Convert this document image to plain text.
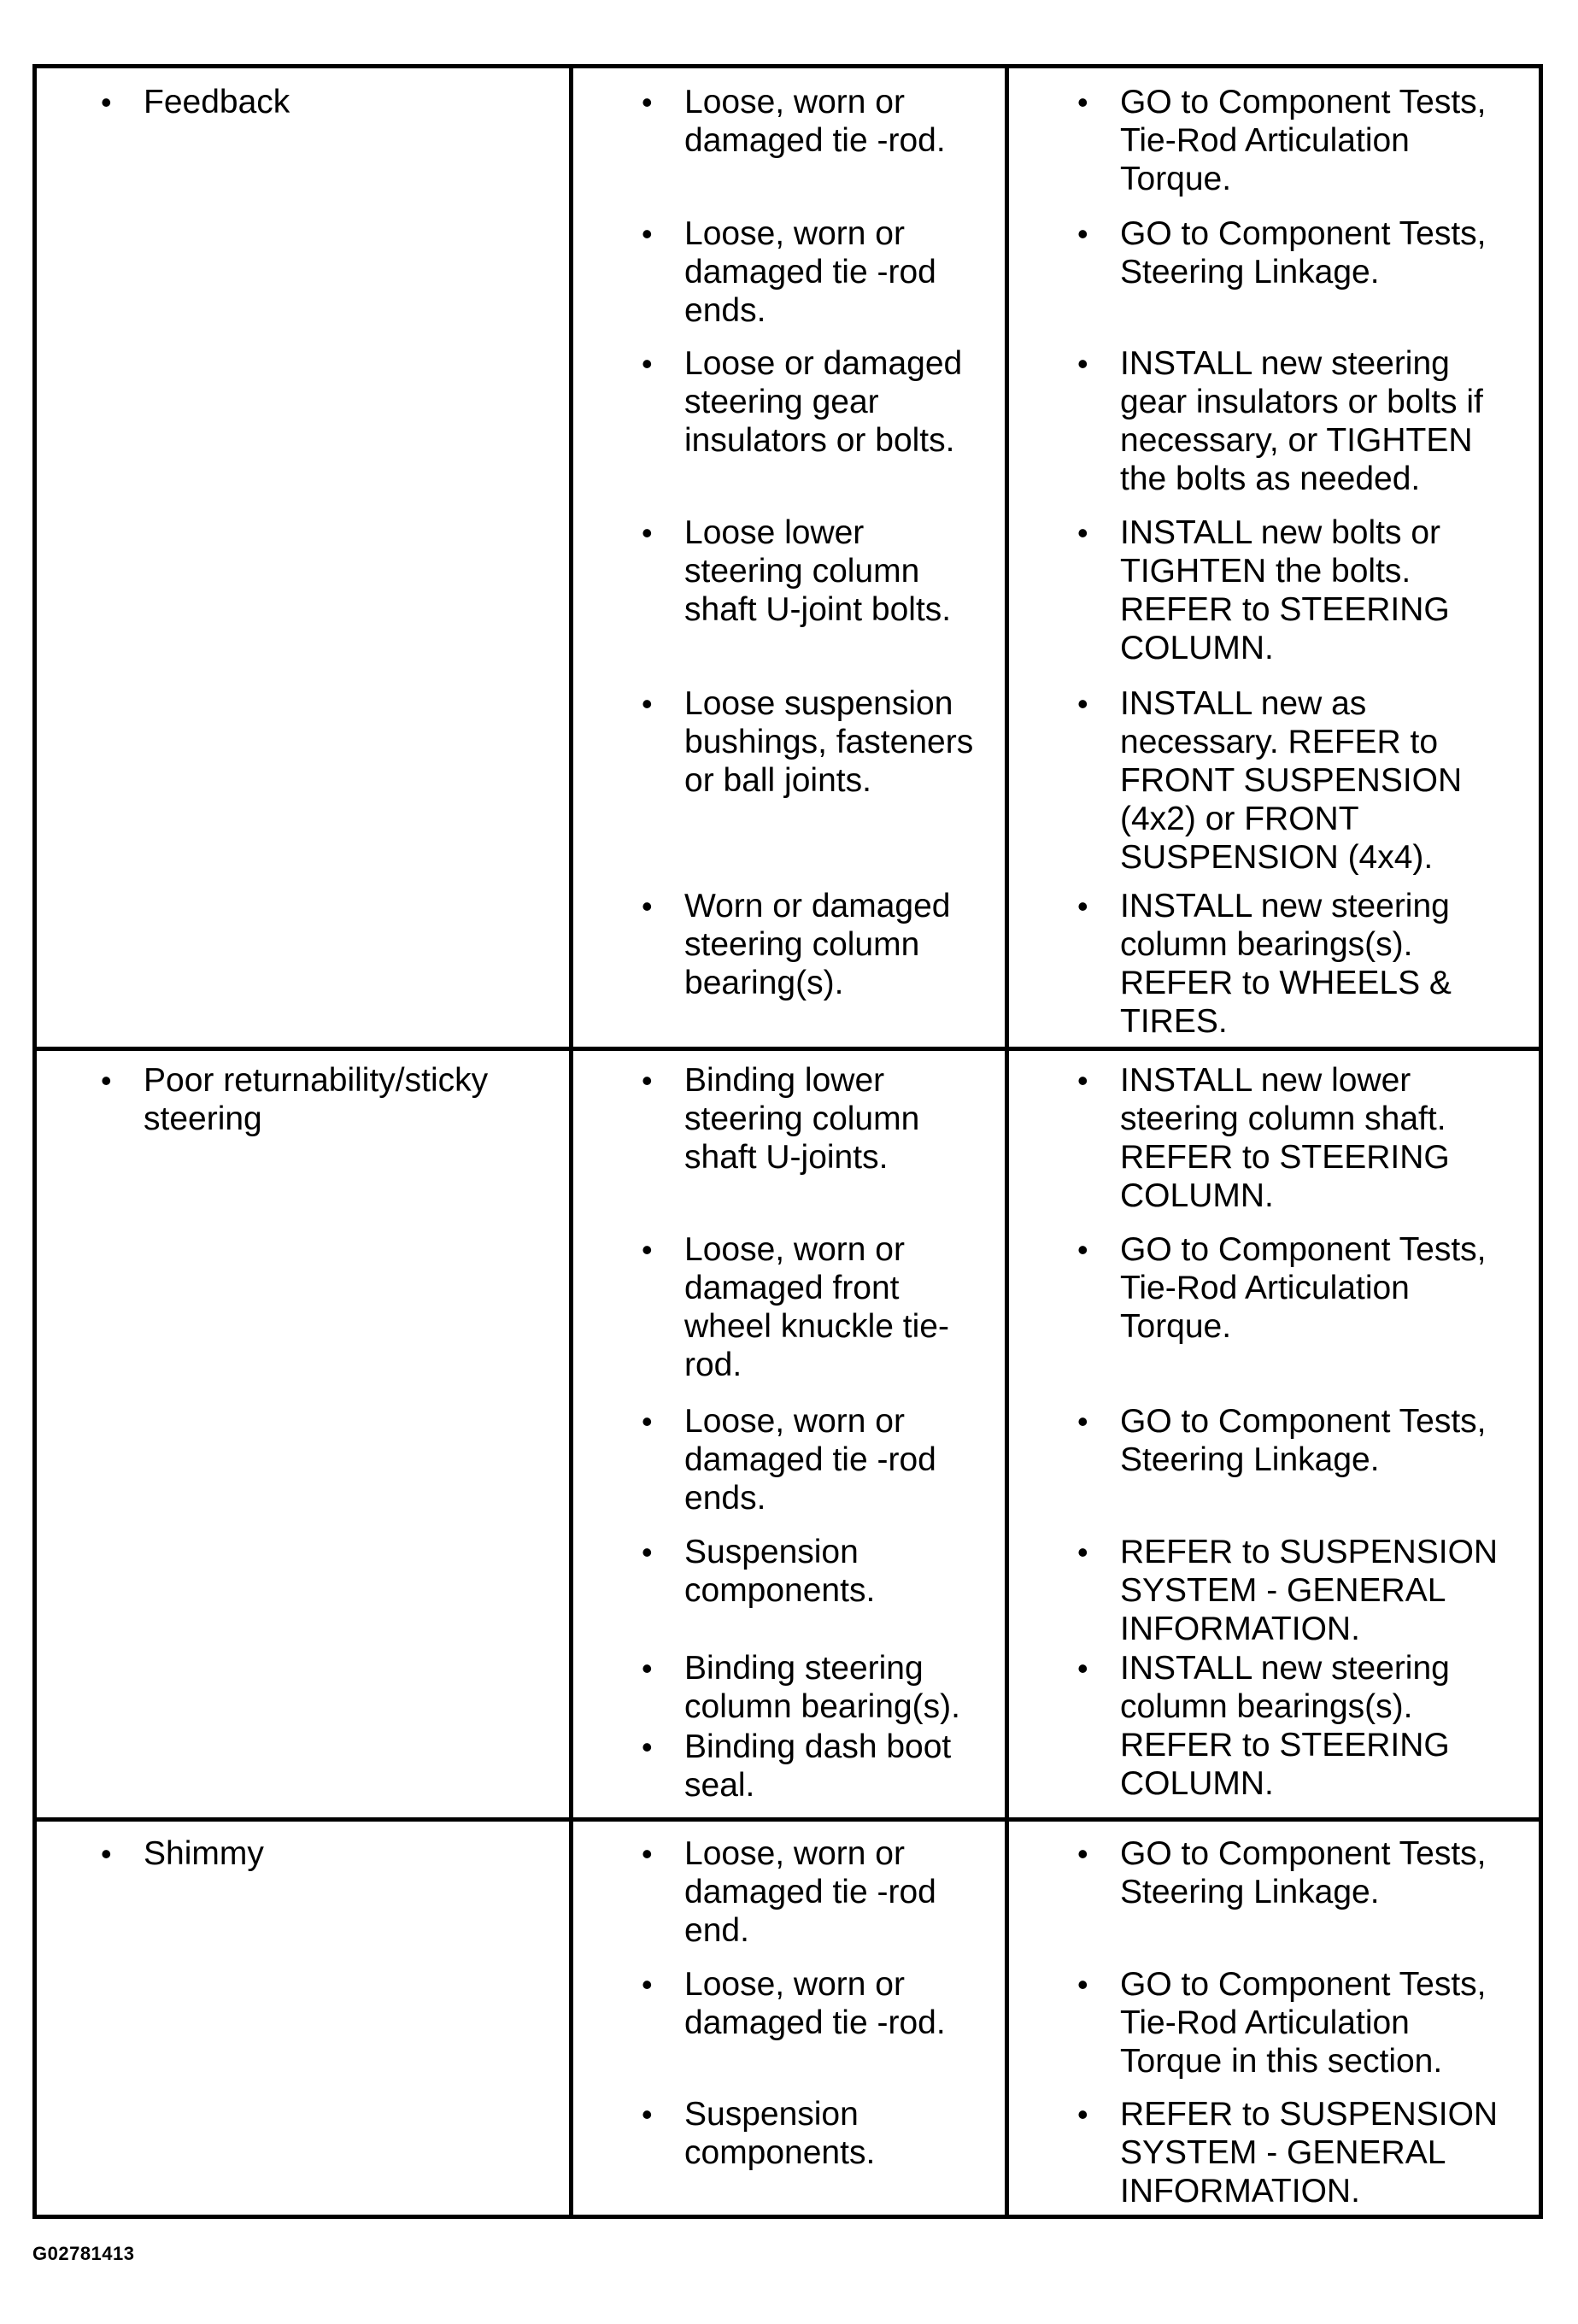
• Feedback	• Loose, worn or
damaged tie -rod.
• Loose, worn or
damaged tie -rod
ends.
• Loose or damaged
steering gear
insulators or bolts.
• Loose lower
steering column
shaft U-joint bolts.
• Loose suspension
bushings, fasteners
or ball joints.
• Worn or damaged
steering column
bearing(s).
• GO to Component Tests,
Tie-Rod Articulation
Torque.
• GO to Component Tests,
Steering Linkage.
• INSTALL new steering
gear insulators or bolts if
necessary, or TIGHTEN
the bolts as needed.
• INSTALL new bolts or
TIGHTEN the bolts.
REFER to STEERING
COLUMN.
• INSTALL new as
necessary. REFER to
FRONT SUSPENSION
(4x2) or FRONT
SUSPENSION (4x4).
• INSTALL new steering
column bearings(s).
REFER to WHEELS &
TIRES.
• Poor returnability/sticky
steering
• Binding lower
steering column
shaft U-joints.
• Loose, worn or
damaged front
wheel knuckle tie-
rod.
• Loose, worn or
damaged tie -rod
ends.
• Suspension
components.
• Binding steering
column bearing(s).
• Binding dash boot
seal.
• INSTALL new lower
steering column shaft.
REFER to STEERING
COLUMN.
• GO to Component Tests,
Tie-Rod Articulation
Torque.
• GO to Component Tests,
Steering Linkage.
• REFER to SUSPENSION
SYSTEM - GENERAL
INFORMATION.
• INSTALL new steering
column bearings(s).
REFER to STEERING
COLUMN.
• Shimmy	• Loose, worn or
damaged tie -rod
end.
• Loose, worn or
damaged tie -rod.
• Suspension
components.
• GO to Component Tests,
Steering Linkage.
• GO to Component Tests,
Tie-Rod Articulation
Torque in this section.
• REFER to SUSPENSION
SYSTEM - GENERAL
INFORMATION.
G02781413
